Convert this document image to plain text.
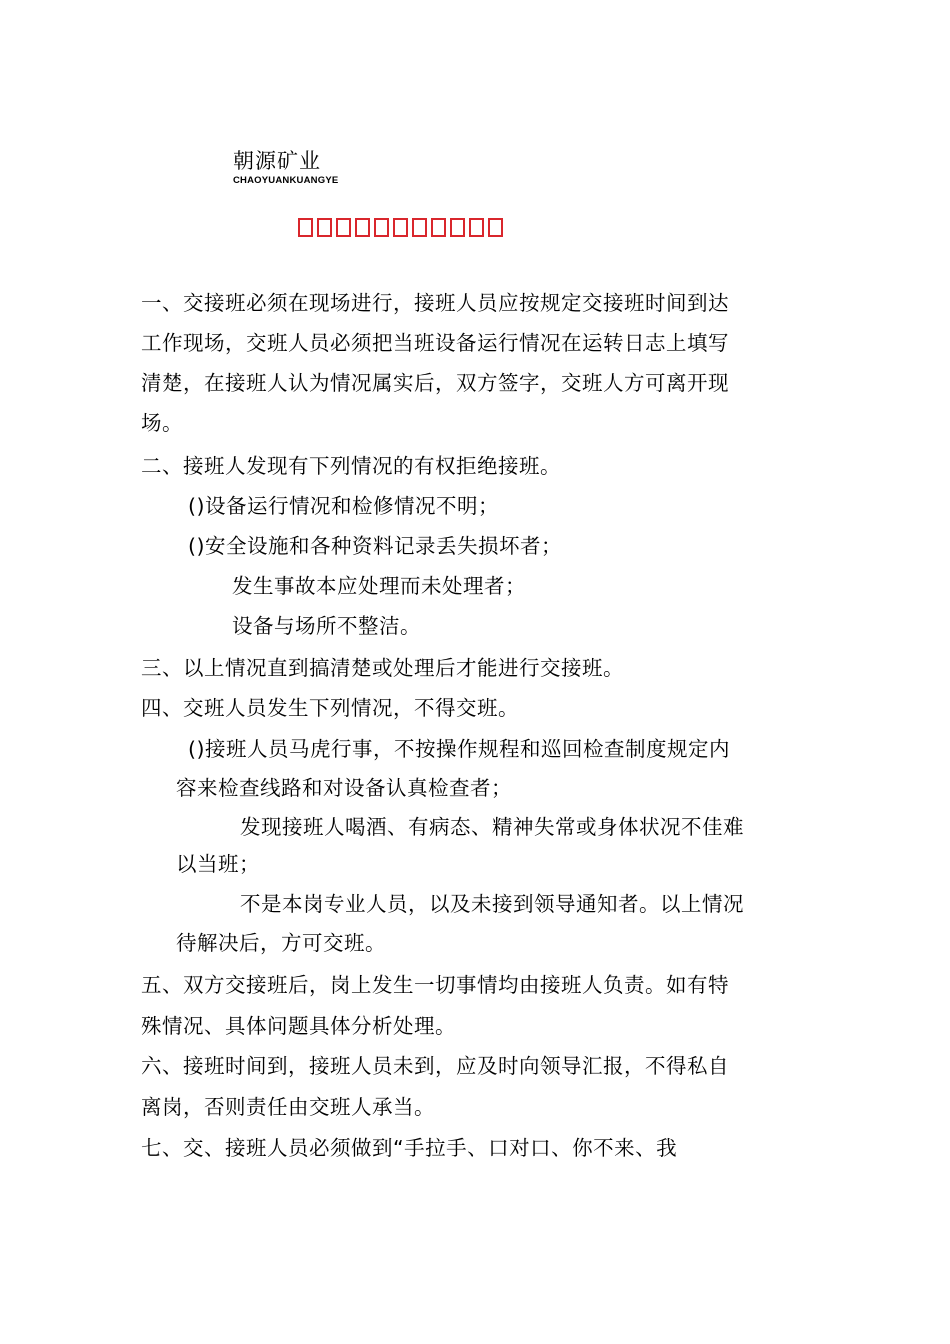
朝源矿业
CHAOYUANKUANGYE
一、交接班必须在现场进行，接班人员应按规定交接班时间到达
工作现场，交班人员必须把当班设备运行情况在运转日志上填写
清楚，在接班人认为情况属实后，双方签字，交班人方可离开现
场。
二、接班人发现有下列情况的有权拒绝接班。
()设备运行情况和检修情况不明；
()安全设施和各种资料记录丢失损坏者；
发生事故本应处理而未处理者；
设备与场所不整洁。
三、以上情况直到搞清楚或处理后才能进行交接班。
四、交班人员发生下列情况，不得交班。
()接班人员马虎行事，不按操作规程和巡回检查制度规定内
容来检查线路和对设备认真检查者；
发现接班人喝酒、有病态、精神失常或身体状况不佳难
以当班；
不是本岗专业人员，以及未接到领导通知者。以上情况
待解决后，方可交班。
五、双方交接班后，岗上发生一切事情均由接班人负责。如有特
殊情况、具体问题具体分析处理。
六、接班时间到，接班人员未到，应及时向领导汇报，不得私自
离岗，否则责任由交班人承当。
七、交、接班人员必须做到“手拉手、口对口、你不来、我
